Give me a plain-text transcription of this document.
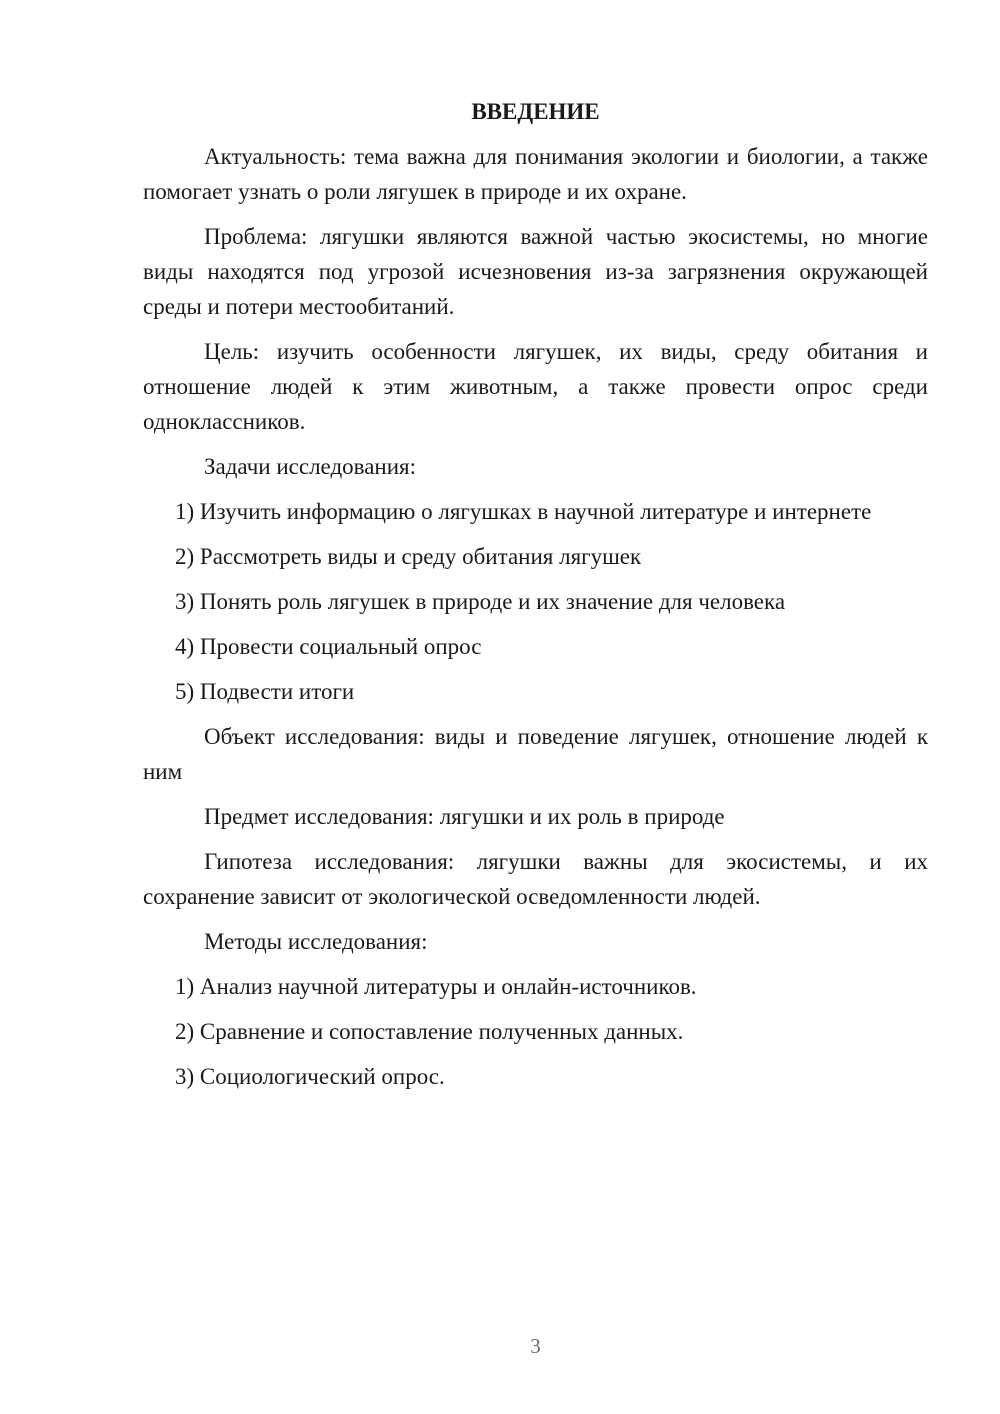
ВВЕДЕНИЕ

Актуальность: тема важна для понимания экологии и биологии, а также помогает узнать о роли лягушек в природе и их охране.

Проблема: лягушки являются важной частью экосистемы, но многие виды находятся под угрозой исчезновения из-за загрязнения окружающей среды и потери местообитаний.

Цель: изучить особенности лягушек, их виды, среду обитания и отношение людей к этим животным, а также провести опрос среди одноклассников.

Задачи исследования:

1) Изучить информацию о лягушках в научной литературе и интернете
2) Рассмотреть виды и среду обитания лягушек
3) Понять роль лягушек в природе и их значение для человека
4) Провести социальный опрос
5) Подвести итоги

Объект исследования: виды и поведение лягушек, отношение людей к ним

Предмет исследования: лягушки и их роль в природе

Гипотеза исследования: лягушки важны для экосистемы, и их сохранение зависит от экологической осведомленности людей.

Методы исследования:

1) Анализ научной литературы и онлайн-источников.
2) Сравнение и сопоставление полученных данных.
3) Социологический опрос.
3
